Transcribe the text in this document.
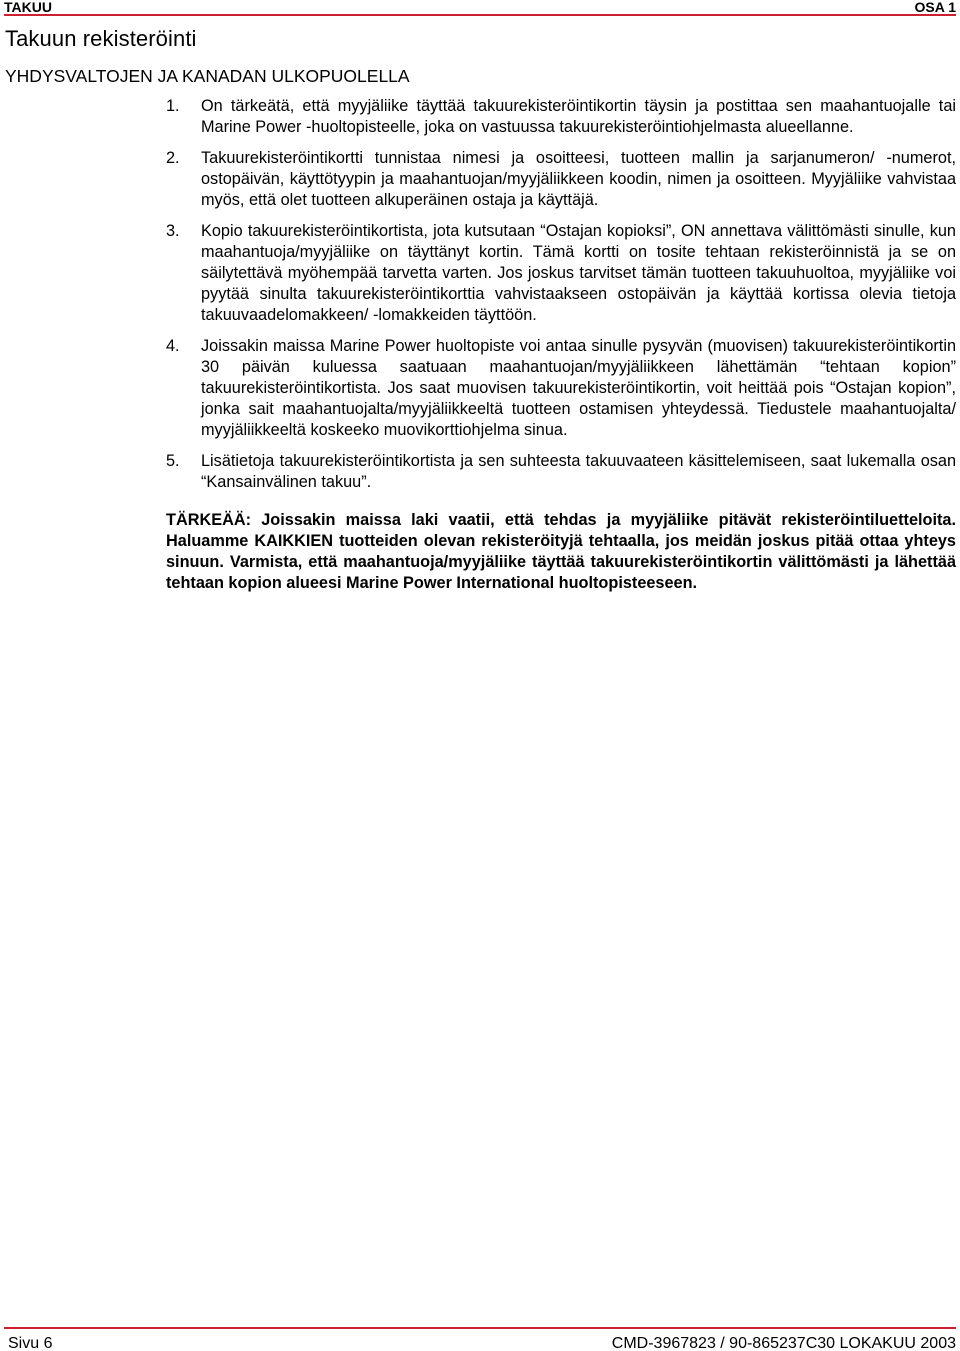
TAKUU	OSA 1
Takuun rekisteröinti
YHDYSVALTOJEN JA KANADAN ULKOPUOLELLA
1. On tärkeätä, että myyjäliike täyttää takuurekisteröintikortin täysin ja postittaa sen maahantuojalle tai Marine Power -huoltopisteelle, joka on vastuussa takuurekisteröintiohjelmasta alueellanne.
2. Takuurekisteröintikortti tunnistaa nimesi ja osoitteesi, tuotteen mallin ja sarjanumeron/ -numerot, ostopäivän, käyttötyypin ja maahantuojan/myyjäliikkeen koodin, nimen ja osoitteen. Myyjäliike vahvistaa myös, että olet tuotteen alkuperäinen ostaja ja käyttäjä.
3. Kopio takuurekisteröintikortista, jota kutsutaan “Ostajan kopioksi”, ON annettava välittömästi sinulle, kun maahantuoja/myyjäliike on täyttänyt kortin. Tämä kortti on tosite tehtaan rekisteröinnistä ja se on säilytettävä myöhempää tarvetta varten. Jos joskus tarvitset tämän tuotteen takuuhuoltoa, myyjäliike voi pyytää sinulta takuurekisteröintikorttia vahvistaakseen ostopäivän ja käyttää kortissa olevia tietoja takuuvaadelomakkeen/ -lomakkeiden täyttöön.
4. Joissakin maissa Marine Power huoltopiste voi antaa sinulle pysyvän (muovisen) takuurekisteröintikortin 30 päivän kuluessa saatuaan maahantuojan/myyjäliikkeen lähettämän “tehtaan kopion” takuurekisteröintikortista. Jos saat muovisen takuurekisteröintikortin, voit heittää pois “Ostajan kopion”, jonka sait maahantuojalta/myyjäliikkeeltä tuotteen ostamisen yhteydessä. Tiedustele maahantuojalta/ myyjäliikkeeltä koskeeko muovikorttiohjelma sinua.
5. Lisätietoja takuurekisteröintikortista ja sen suhteesta takuuvaateen käsittelemiseen, saat lukemalla osan “Kansainvälinen takuu”.

TÄRKEÄÄ: Joissakin maissa laki vaatii, että tehdas ja myyjäliike pitävät rekisteröintiluetteloita. Haluamme KAIKKIEN tuotteiden olevan rekisteröityjä tehtaalla, jos meidän joskus pitää ottaa yhteys sinuun. Varmista, että maahantuoja/myyjäliike täyttää takuurekisteröintikortin välittömästi ja lähettää tehtaan kopion alueesi Marine Power International huoltopisteeseen.

Sivu 6	CMD-3967823 / 90-865237C30 LOKAKUU 2003
